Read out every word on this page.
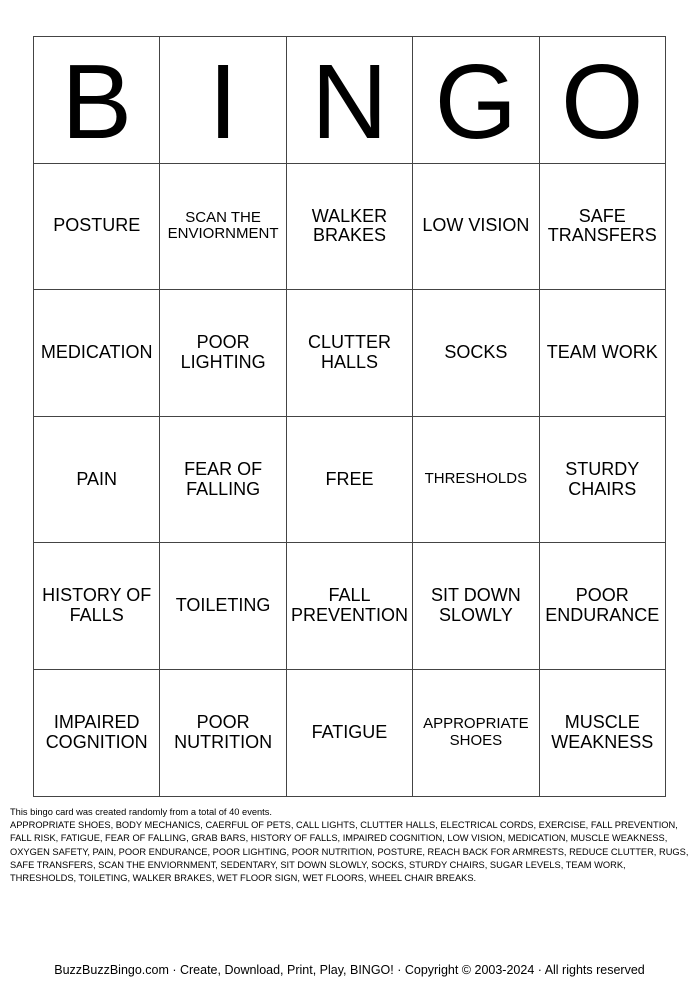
B	I	N	G	O
POSTURE	SCAN THE ENVIORNMENT	WALKER BRAKES	LOW VISION	SAFE TRANSFERS
MEDICATION	POOR LIGHTING	CLUTTER HALLS	SOCKS	TEAM WORK
PAIN	FEAR OF FALLING	FREE	THRESHOLDS	STURDY CHAIRS
HISTORY OF FALLS	TOILETING	FALL PREVENTION	SIT DOWN SLOWLY	POOR ENDURANCE
IMPAIRED COGNITION	POOR NUTRITION	FATIGUE	APPROPRIATE SHOES	MUSCLE WEAKNESS
This bingo card was created randomly from a total of 40 events.
APPROPRIATE SHOES, BODY MECHANICS, CAERFUL OF PETS, CALL LIGHTS, CLUTTER HALLS, ELECTRICAL CORDS, EXERCISE, FALL PREVENTION, FALL RISK, FATIGUE, FEAR OF FALLING, GRAB BARS, HISTORY OF FALLS, IMPAIRED COGNITION, LOW VISION, MEDICATION, MUSCLE WEAKNESS, OXYGEN SAFETY, PAIN, POOR ENDURANCE, POOR LIGHTING, POOR NUTRITION, POSTURE, REACH BACK FOR ARMRESTS, REDUCE CLUTTER, RUGS, SAFE TRANSFERS, SCAN THE ENVIORNMENT, SEDENTARY, SIT DOWN SLOWLY, SOCKS, STURDY CHAIRS, SUGAR LEVELS, TEAM WORK, THRESHOLDS, TOILETING, WALKER BRAKES, WET FLOOR SIGN, WET FLOORS, WHEEL CHAIR BREAKS.
BuzzBuzzBingo.com · Create, Download, Print, Play, BINGO! · Copyright © 2003-2024 · All rights reserved
